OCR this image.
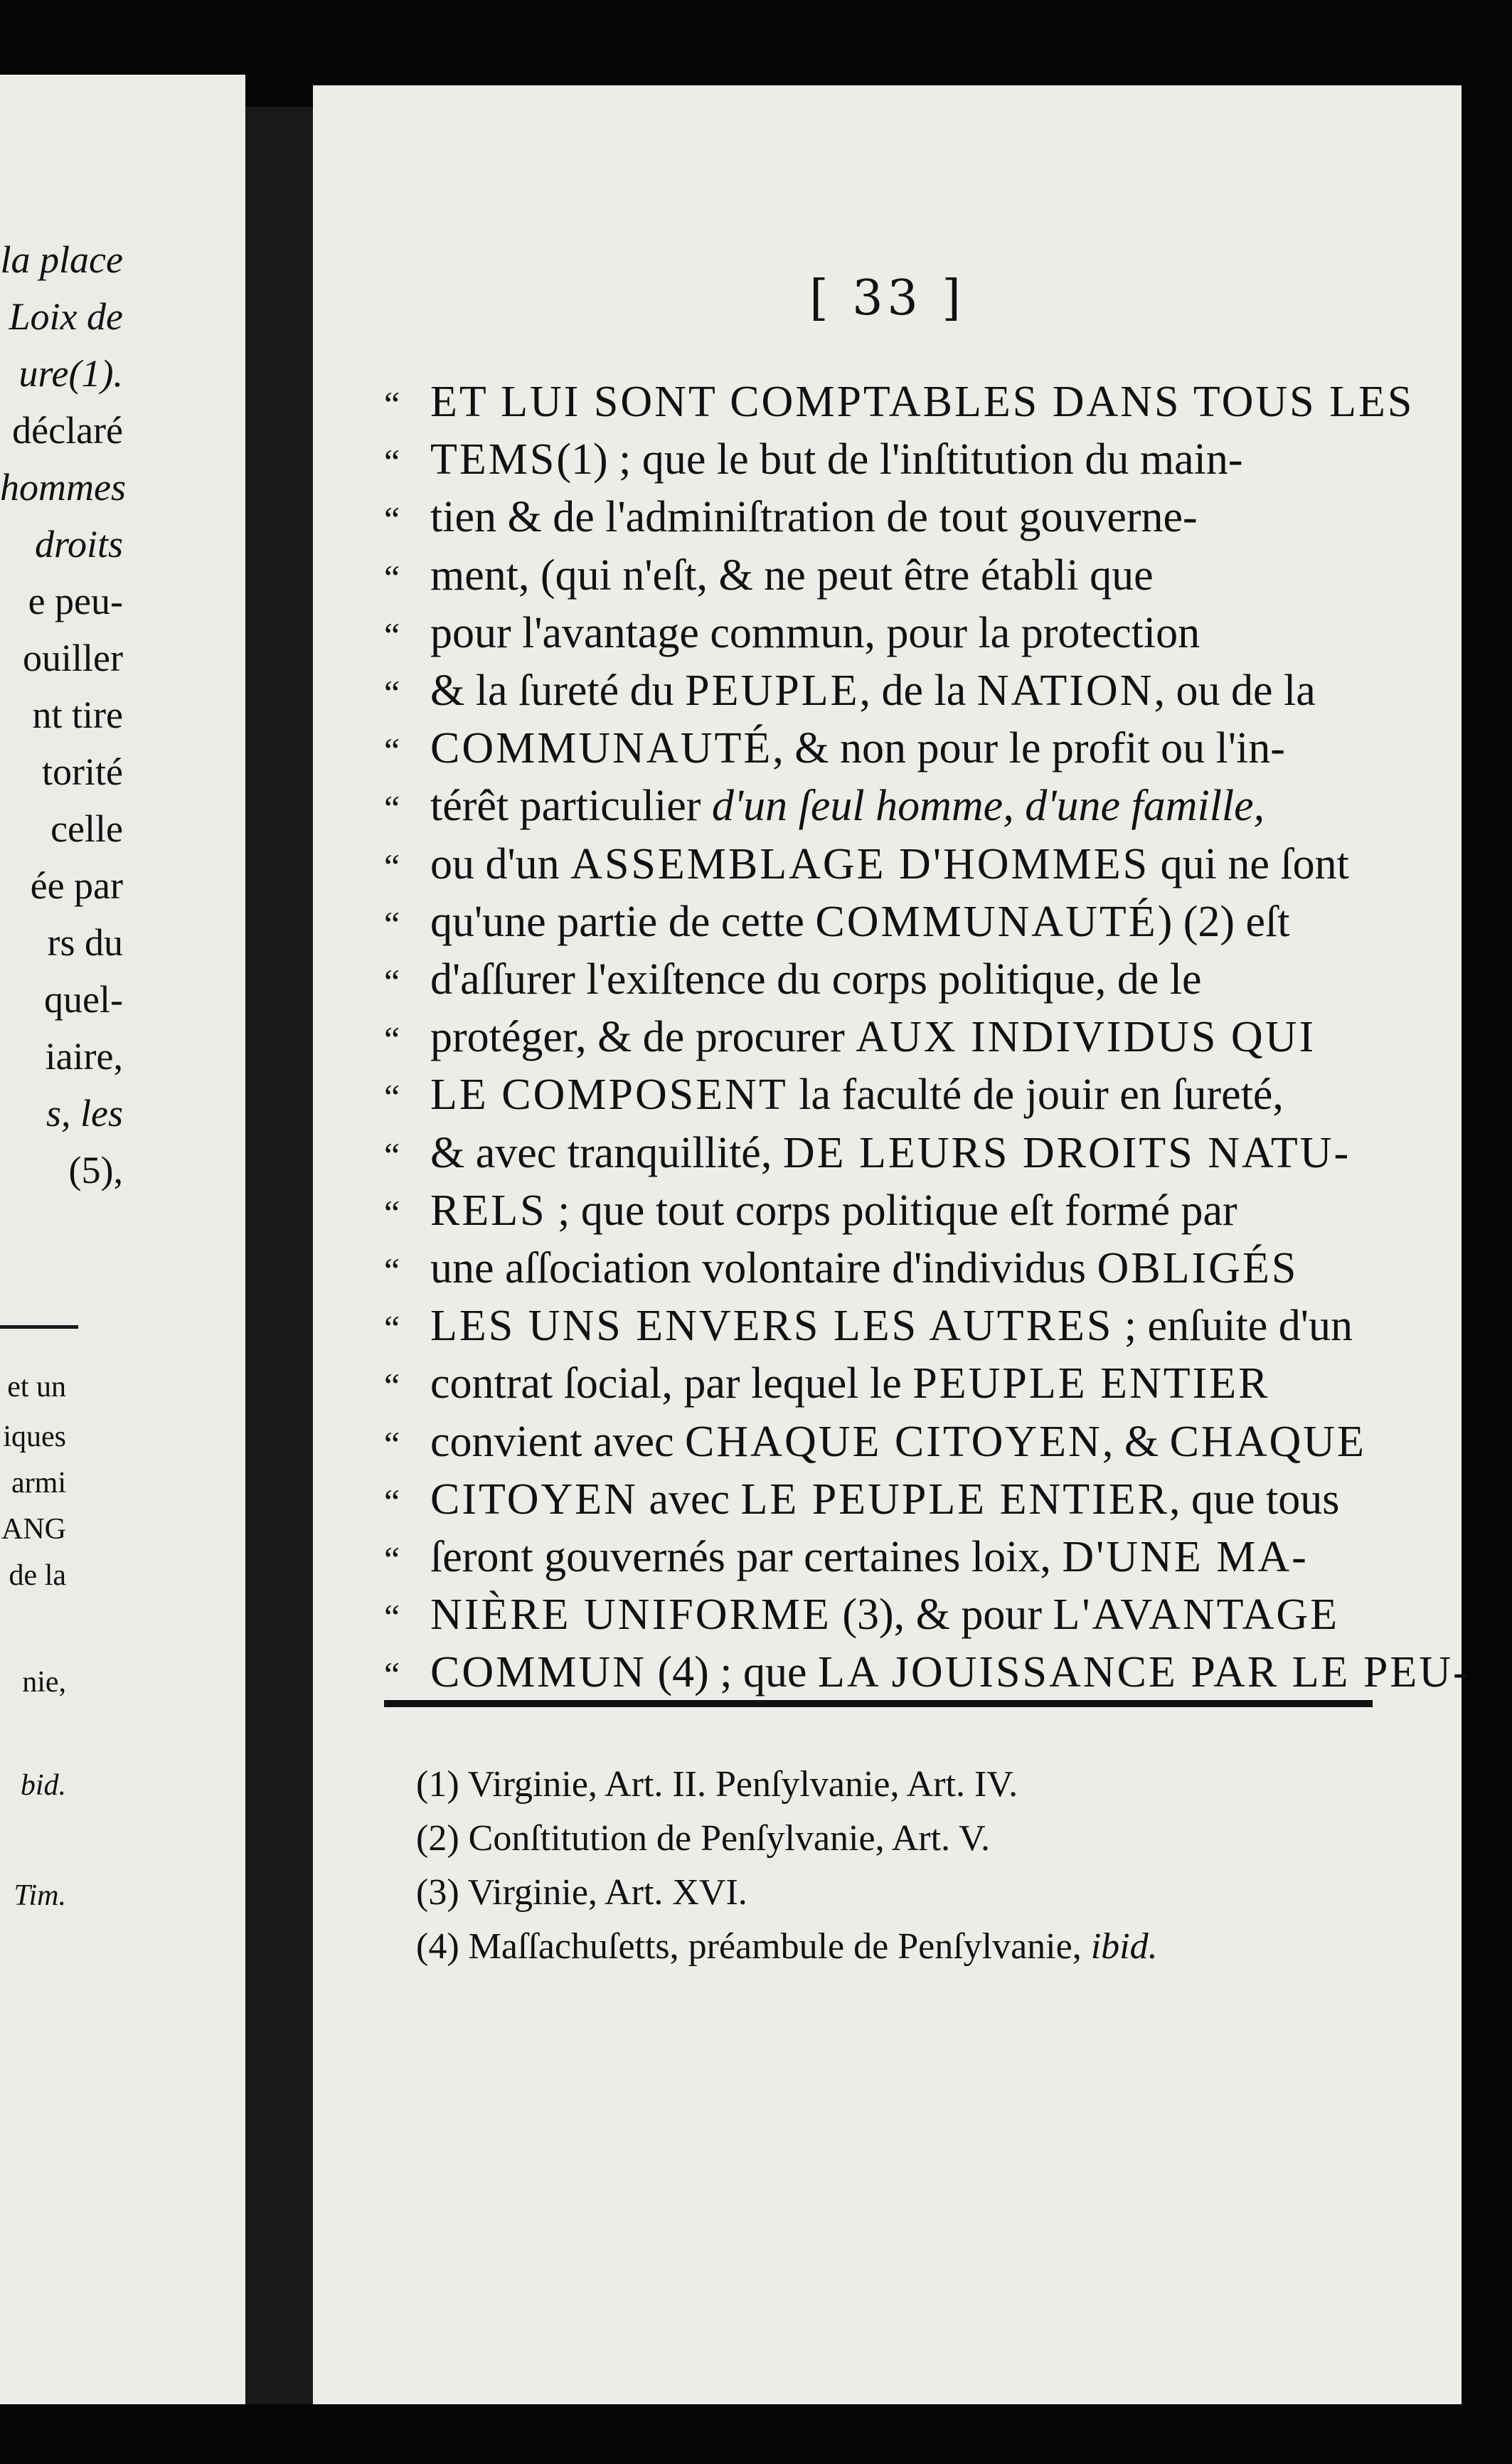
la place
Loix de
ure(1).
déclaré
hommes
droits
e peu-
ouiller
nt tire
torité
celle
ée par
rs du
quel-
iaire,
s, les
(5),
et un
iques
armi
ANG
de la
nie,
bid.
Tim.
[ 33 ]
“ ET LUI SONT COMPTABLES DANS TOUS LES
“ TEMS(1) ; que le but de l'inſtitution du main-
“ tien & de l'adminiſtration de tout gouverne-
“ ment, (qui n'eſt, & ne peut être établi que
“ pour l'avantage commun, pour la protection
“ & la ſureté du PEUPLE, de la NATION, ou de la
“ COMMUNAUTÉ, & non pour le profit ou l'in-
“ térêt particulier d'un ſeul homme, d'une famille,
“ ou d'un ASSEMBLAGE D'HOMMES qui ne ſont
“ qu'une partie de cette COMMUNAUTÉ) (2) eſt
“ d'aſſurer l'exiſtence du corps politique, de le
“ protéger, & de procurer AUX INDIVIDUS QUI
“ LE COMPOSENT la faculté de jouir en ſureté,
“ & avec tranquillité, DE LEURS DROITS NATU-
“ RELS ; que tout corps politique eſt formé par
“ une aſſociation volontaire d'individus OBLIGÉS
“ LES UNS ENVERS LES AUTRES ; enſuite d'un
“ contrat ſocial, par lequel le PEUPLE ENTIER
“ convient avec CHAQUE CITOYEN, & CHAQUE
“ CITOYEN avec LE PEUPLE ENTIER, que tous
“ ſeront gouvernés par certaines loix, D'UNE MA-
“ NIÈRE UNIFORME (3), & pour L'AVANTAGE
“ COMMUN (4) ; que LA JOUISSANCE PAR LE PEU-
(1) Virginie, Art. II. Penſylvanie, Art. IV.
(2) Conſtitution de Penſylvanie, Art. V.
(3) Virginie, Art. XVI.
(4) Maſſachuſetts, préambule de Penſylvanie, ibid.
